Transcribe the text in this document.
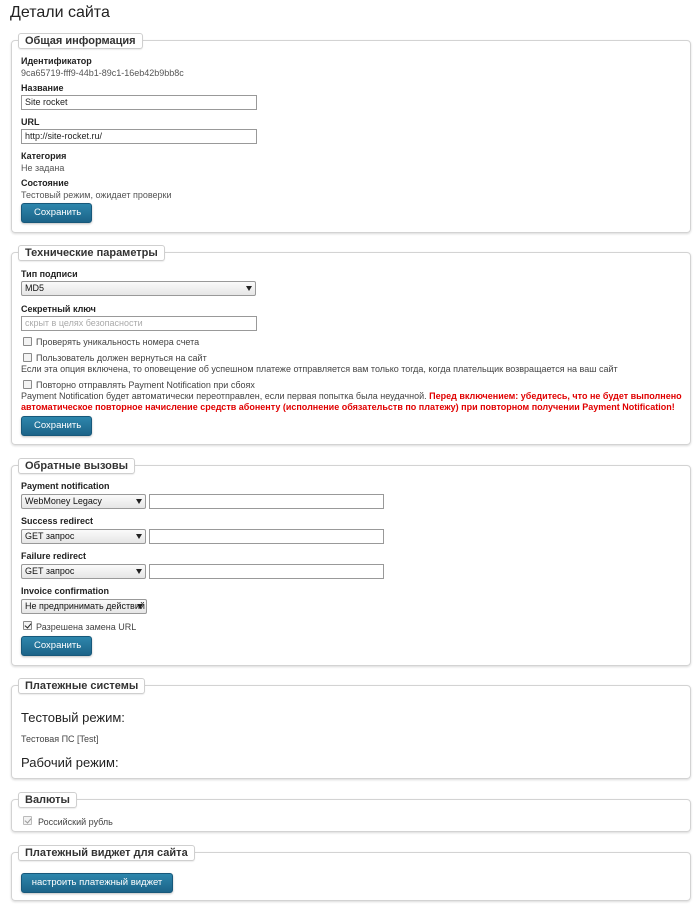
Детали сайта
Общая информация
Идентификатор
9ca65719-fff9-44b1-89c1-16eb42b9bb8c
Название
Site rocket
URL
http://site-rocket.ru/
Категория
Не задана
Состояние
Тестовый режим, ожидает проверки
Сохранить
Технические параметры
Тип подписи
MD5
Секретный ключ
скрыт в целях безопасности
Проверять уникальность номера счета
Пользователь должен вернуться на сайт
Если эта опция включена, то оповещение об успешном платеже отправляется вам только тогда, когда плательщик возвращается на ваш сайт
Повторно отправлять Payment Notification при сбоях
Payment Notification будет автоматически переотправлен, если первая попытка была неудачной. Перед включением: убедитесь, что не будет выполнено автоматическое повторное начисление средств абоненту (исполнение обязательств по платежу) при повторном получении Payment Notification!
Сохранить
Обратные вызовы
Payment notification
WebMoney Legacy
Success redirect
GET запрос
Failure redirect
GET запрос
Invoice confirmation
Не предпринимать действий
Разрешена замена URL
Сохранить
Платежные системы
Тестовый режим:
Тестовая ПС [Test]
Рабочий режим:
Валюты
Российский рубль
Платежный виджет для сайта
настроить платежный виджет
